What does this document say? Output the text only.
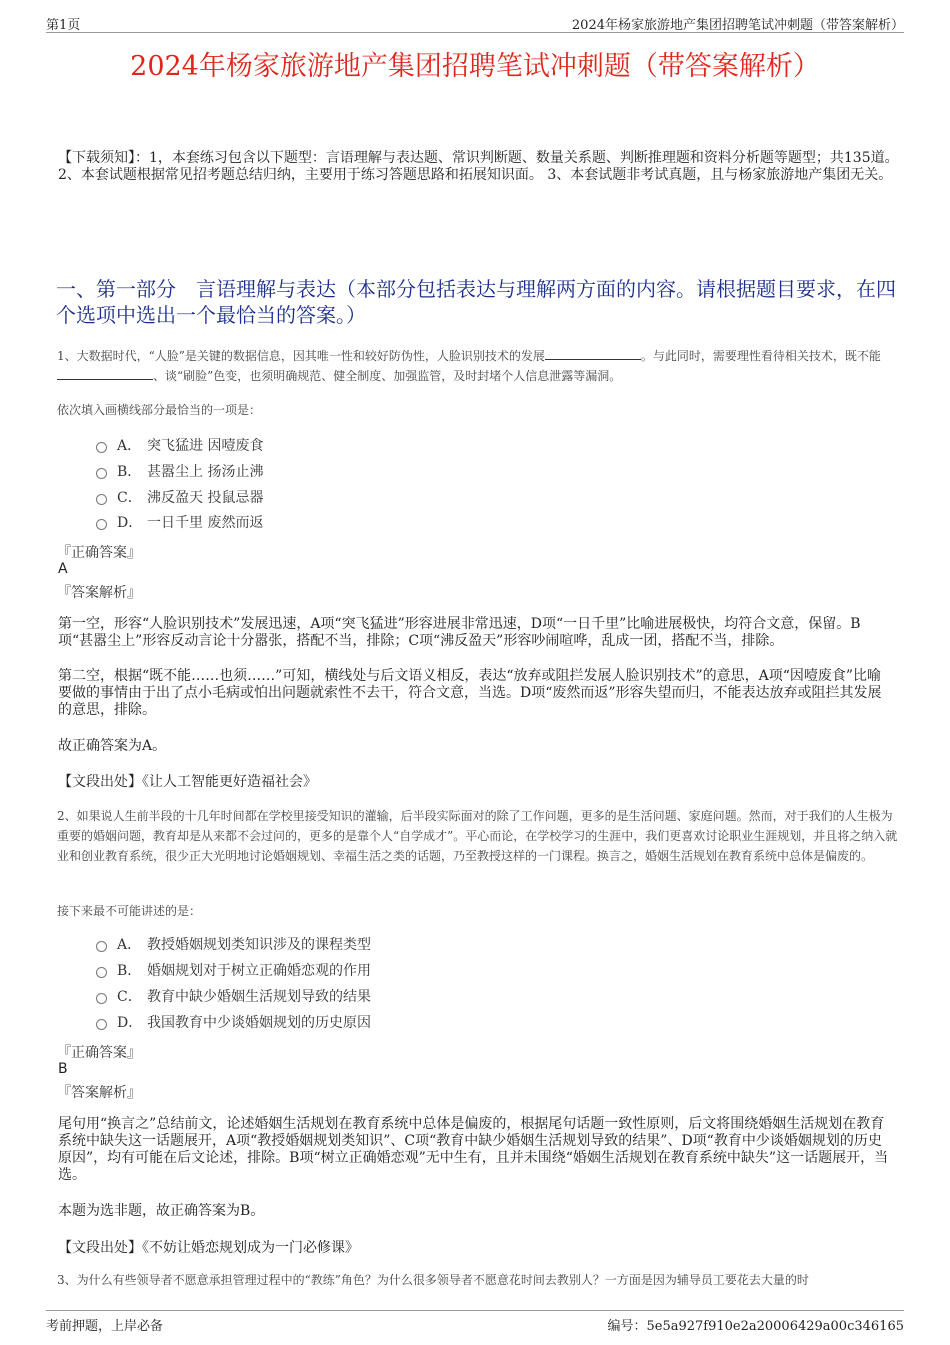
第1页	2024年杨家旅游地产集团招聘笔试冲刺题（带答案解析）
2024年杨家旅游地产集团招聘笔试冲刺题（带答案解析）
【下载须知】：1，本套练习包含以下题型：言语理解与表达题、常识判断题、数量关系题、判断推理题和资料分析题等题型；共135道。 2、本套试题根据常见招考题总结归纳，主要用于练习答题思路和拓展知识面。 3、本套试题非考试真题，且与杨家旅游地产集团无关。
一、第一部分　言语理解与表达（本部分包括表达与理解两方面的内容。请根据题目要求，在四个选项中选出一个最恰当的答案。）
1、大数据时代，“人脸”是关键的数据信息，因其唯一性和较好防伪性，人脸识别技术的发展	。与此同时，需要理性看待相关技术，既不能、谈“刷脸”色变，也须明确规范、健全制度、加强监管，及时封堵个人信息泄露等漏洞。
依次填入画横线部分最恰当的一项是：
A． 突飞猛进 因噎废食
B． 甚嚣尘上 扬汤止沸
C． 沸反盈天 投鼠忌器
D． 一日千里 废然而返
『正确答案』
A
『答案解析』
第一空，形容“人脸识别技术”发展迅速，A项“突飞猛进”形容进展非常迅速，D项“一日千里”比喻进展极快，均符合文意，保留。B项“甚嚣尘上”形容反动言论十分嚣张，搭配不当，排除；C项“沸反盈天”形容吵闹喧哗，乱成一团，搭配不当，排除。
第二空，根据“既不能……也须……”可知，横线处与后文语义相反，表达“放弃或阻拦发展人脸识别技术”的意思，A项“因噎废食”比喻要做的事情由于出了点小毛病或怕出问题就索性不去干，符合文意，当选。D项“废然而返”形容失望而归，不能表达放弃或阻拦其发展的意思，排除。
故正确答案为A。
【文段出处】《让人工智能更好造福社会》
2、如果说人生前半段的十几年时间都在学校里接受知识的灌输，后半段实际面对的除了工作问题，更多的是生活问题、家庭问题。然而，对于我们的人生极为重要的婚姻问题，教育却是从来都不会过问的，更多的是靠个人“自学成才”。平心而论，在学校学习的生涯中，我们更喜欢讨论职业生涯规划，并且将之纳入就业和创业教育系统，很少正大光明地讨论婚姻规划、幸福生活之类的话题，乃至教授这样的一门课程。换言之，婚姻生活规划在教育系统中总体是偏废的。
接下来最不可能讲述的是：
A． 教授婚姻规划类知识涉及的课程类型
B． 婚姻规划对于树立正确婚恋观的作用
C． 教育中缺少婚姻生活规划导致的结果
D． 我国教育中少谈婚姻规划的历史原因
『正确答案』
B
『答案解析』
尾句用“换言之”总结前文，论述婚姻生活规划在教育系统中总体是偏废的，根据尾句话题一致性原则，后文将围绕婚姻生活规划在教育系统中缺失这一话题展开，A项“教授婚姻规划类知识”、C项“教育中缺少婚姻生活规划导致的结果”、D项“教育中少谈婚姻规划的历史原因”，均有可能在后文论述，排除。B项“树立正确婚恋观”无中生有，且并未围绕“婚姻生活规划在教育系统中缺失”这一话题展开，当选。
本题为选非题，故正确答案为B。
【文段出处】《不妨让婚恋规划成为一门必修课》
3、为什么有些领导者不愿意承担管理过程中的“教练”角色？为什么很多领导者不愿意花时间去教别人？一方面是因为辅导员工要花去大量的时
考前押题，上岸必备	编号：5e5a927f910e2a20006429a00c346165
